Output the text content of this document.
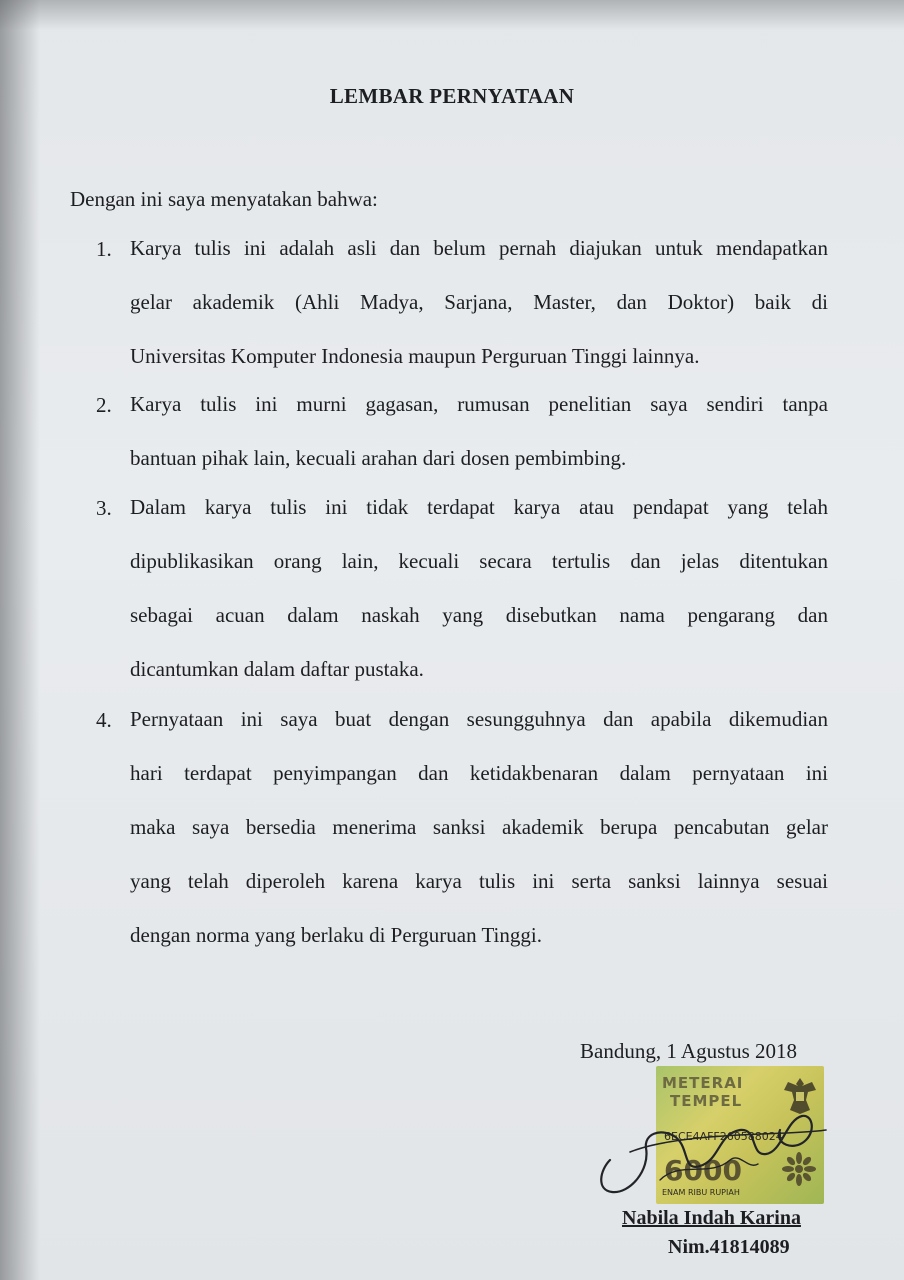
LEMBAR PERNYATAAN
Dengan ini saya menyatakan bahwa:
1. Karya tulis ini adalah asli dan belum pernah diajukan untuk mendapatkan
gelar akademik (Ahli Madya, Sarjana, Master, dan Doktor) baik di
Universitas Komputer Indonesia maupun Perguruan Tinggi lainnya.
2. Karya tulis ini murni gagasan, rumusan penelitian saya sendiri tanpa
bantuan pihak lain, kecuali arahan dari dosen pembimbing.
3. Dalam karya tulis ini tidak terdapat karya atau pendapat yang telah
dipublikasikan orang lain, kecuali secara tertulis dan jelas ditentukan
sebagai acuan dalam naskah yang disebutkan nama pengarang dan
dicantumkan dalam daftar pustaka.
4. Pernyataan ini saya buat dengan sesungguhnya dan apabila dikemudian
hari terdapat penyimpangan dan ketidakbenaran dalam pernyataan ini
maka saya bersedia menerima sanksi akademik berupa pencabutan gelar
yang telah diperoleh karena karya tulis ini serta sanksi lainnya sesuai
dengan norma yang berlaku di Perguruan Tinggi.
Bandung, 1 Agustus 2018
METERAI
TEMPEL
6ECE4AFF260588024
6000
ENAM RIBU RUPIAH
Nabila Indah Karina
Nim.41814089
